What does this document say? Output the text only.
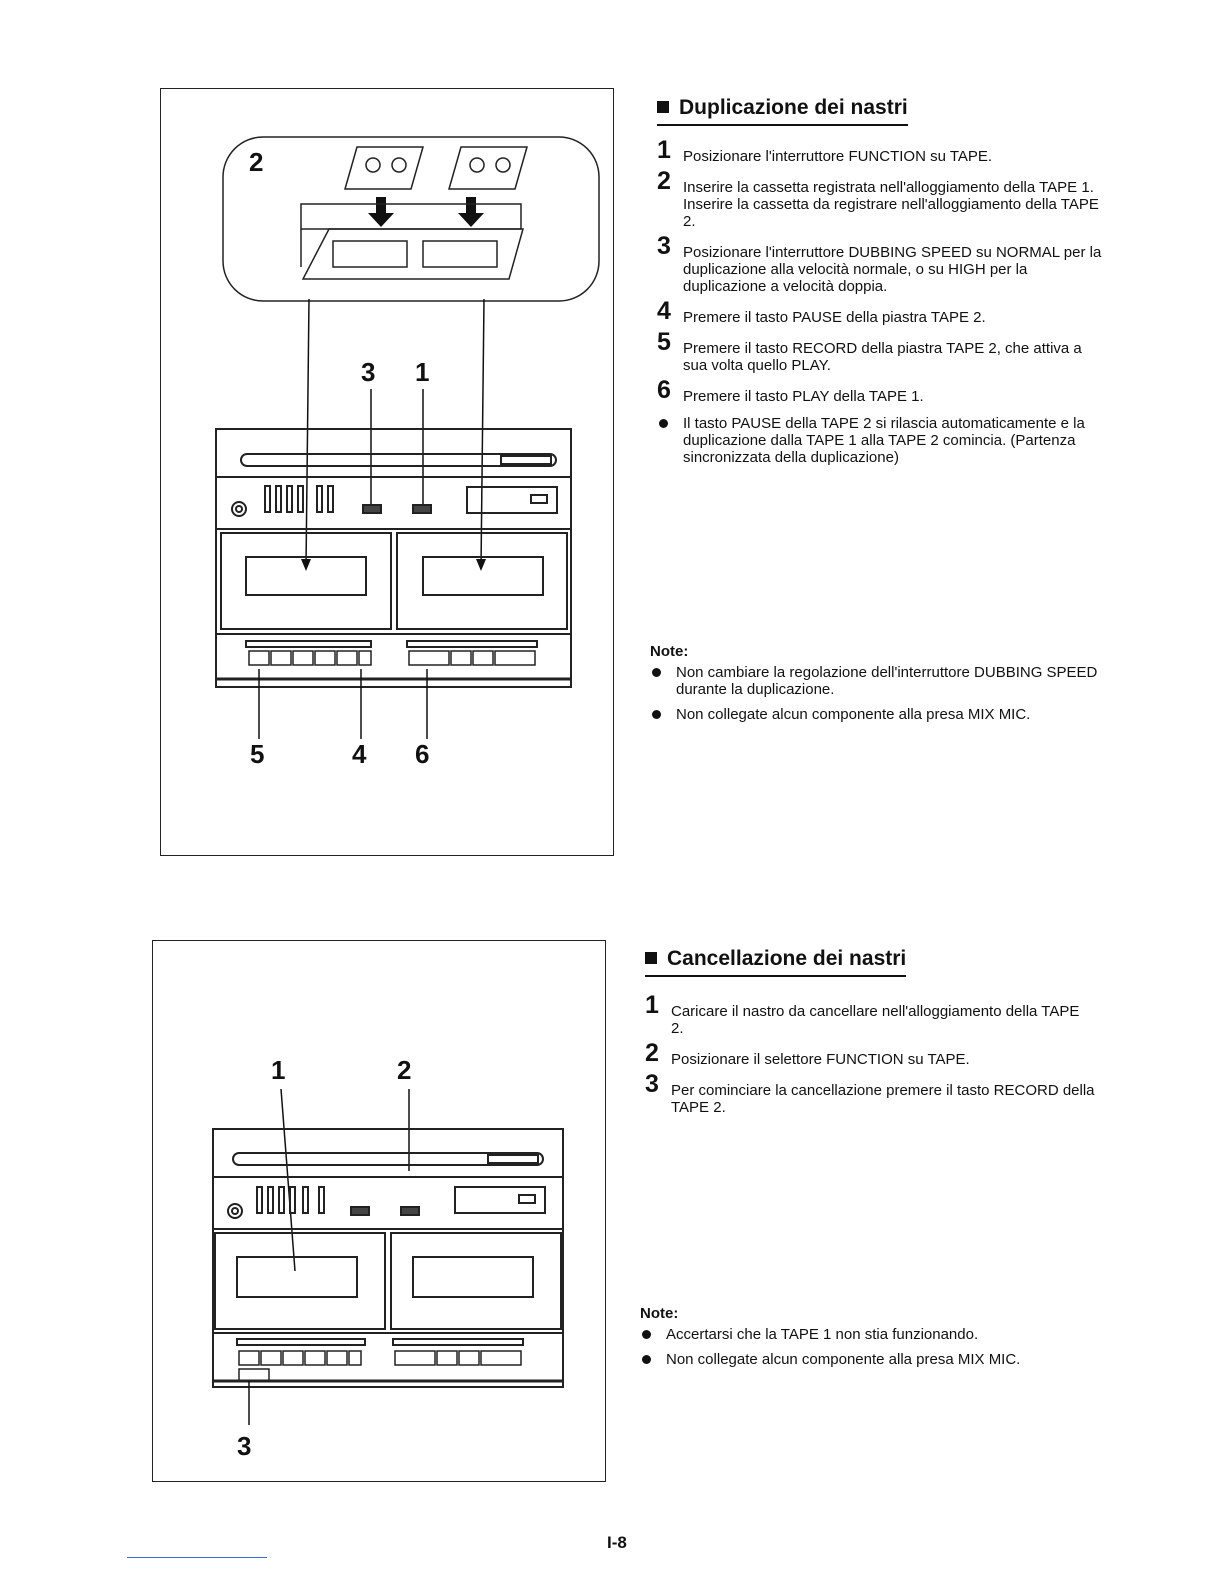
2
3 1
5	4 6
Duplicazione dei nastri
1 Posizionare l'interruttore FUNCTION su TAPE.
2 Inserire la cassetta registrata nell'alloggiamento della TAPE 1. Inserire la cassetta da registrare nell'alloggiamento della TAPE 2.
3 Posizionare l'interruttore DUBBING SPEED su NORMAL per la duplicazione alla velocità normale, o su HIGH per la duplicazione a velocità doppia.
4 Premere il tasto PAUSE della piastra TAPE 2.
5 Premere il tasto RECORD della piastra TAPE 2, che attiva a sua volta quello PLAY.
6 Premere il tasto PLAY della TAPE 1.
Il tasto PAUSE della TAPE 2 si rilascia automaticamente e la duplicazione dalla TAPE 1 alla TAPE 2 comincia. (Partenza sincronizzata della duplicazione)
Note:
Non cambiare la regolazione dell'interruttore DUBBING SPEED durante la duplicazione.
Non collegate alcun componente alla presa MIX MIC.
1	2
3
Cancellazione dei nastri
1 Caricare il nastro da cancellare nell'alloggiamento della TAPE 2.
2 Posizionare il selettore FUNCTION su TAPE.
3 Per cominciare la cancellazione premere il tasto RECORD della TAPE 2.
Note:
Accertarsi che la TAPE 1 non stia funzionando.
Non collegate alcun componente alla presa MIX MIC.
I-8
